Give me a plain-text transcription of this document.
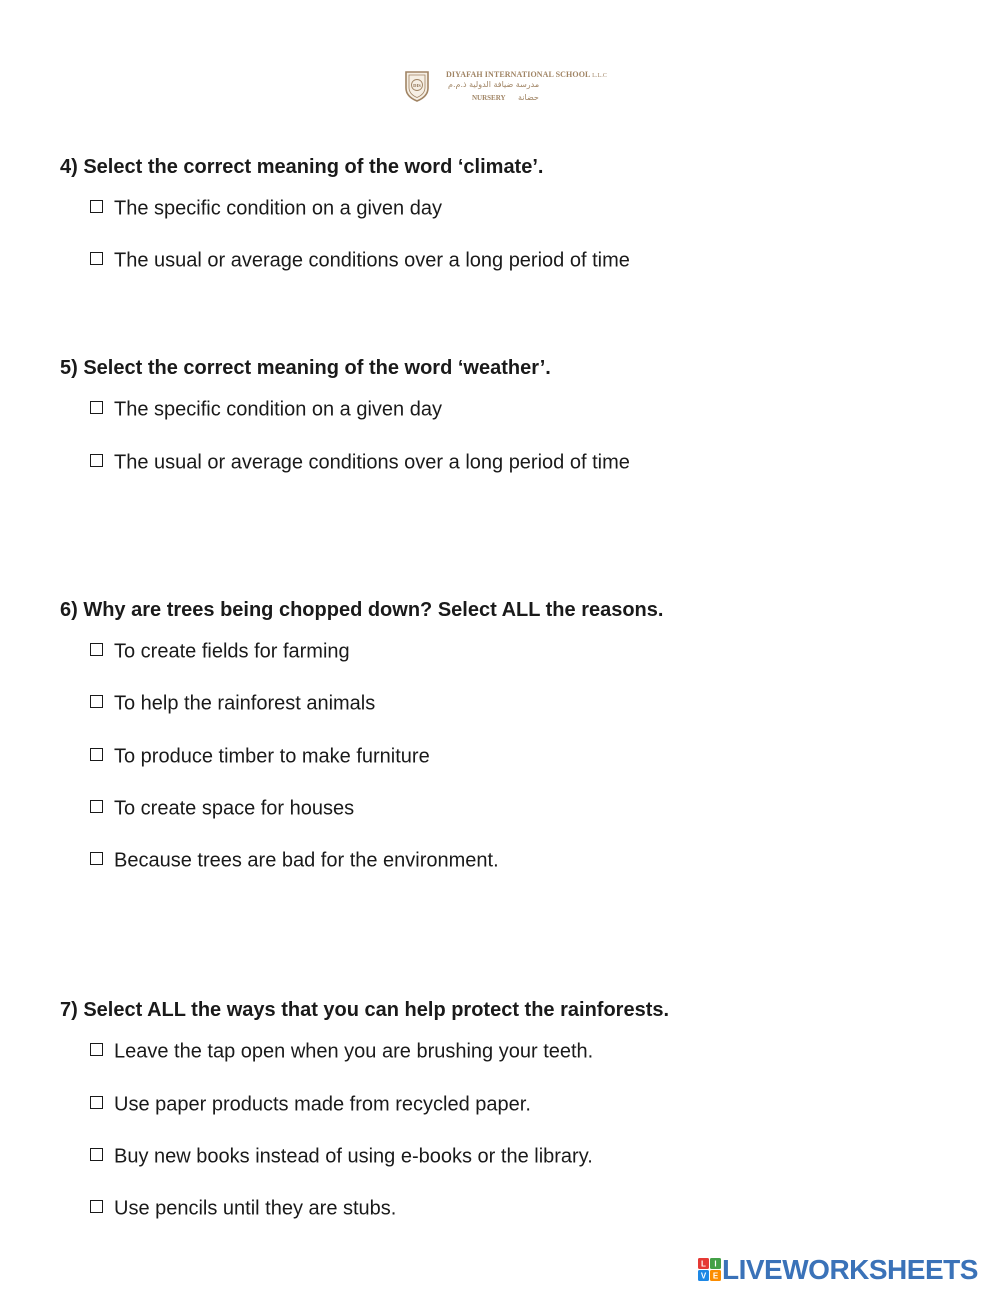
DIS
DIYAFAH INTERNATIONAL SCHOOL L.L.C
مدرسة ضيافة الدولية ذ.م.م
NURSERY حضانة
4) Select the correct meaning of the word ‘climate’.
The specific condition on a given day
The usual or average conditions over a long period of time
5) Select the correct meaning of the word ‘weather’.
The specific condition on a given day
The usual or average conditions over a long period of time
6) Why are trees being chopped down? Select ALL the reasons.
To create fields for farming
To help the rainforest animals
To produce timber to make furniture
To create space for houses
Because trees are bad for the environment.
7) Select ALL the ways that you can help protect the rainforests.
Leave the tap open when you are brushing your teeth.
Use paper products made from recycled paper.
Buy new books instead of using e-books or the library.
Use pencils until they are stubs.
L I
V E LIVEWORKSHEETS
